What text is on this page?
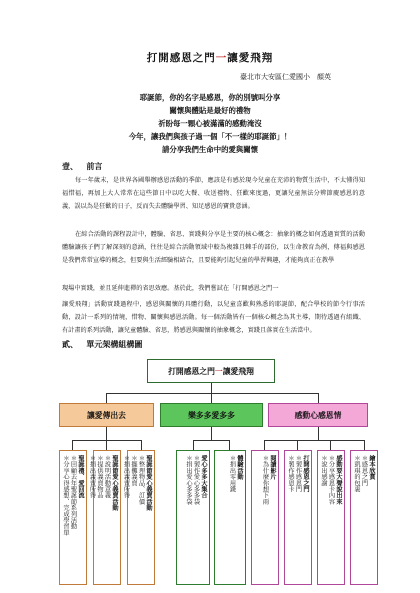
打開感恩之門一讓愛飛翔
臺北市大安區仁愛國小　顏英
耶誕節，你的名字是感恩，你的別號叫分享
關懷與體貼是最好的禮物
祈盼每一顆心被滿滿的感動淹沒
今年，讓我們與孩子過一個「不一樣的耶誕節」！
請分享我們生命中的愛與關懷
壹、 前言
每一年歲末，是世界各國舉辦感恩活動的季節，應該是有感於現今兒童在充沛的物質生活中，不太懂得知福惜福，再加上大人常常在這些節日中以吃大餐、收送禮物、狂歡來度過，更讓兒童無法分辨節慶感恩的意義，誤以為是狂歡的日子，反而失去體驗學習、知足感恩的寶貴意涵。
在綜合活動的課程設計中，體驗、省思、實踐與分享是主要的核心概念：抽象的概念如何透過實質的活動體驗讓孩子們了解深刻的意涵，往往是綜合活動領域中較為複雜且棘手的部份，以生命教育為例，傳福與感恩是我們常常宣導的概念，但要與生活經驗相結合，且要能夠引起兒童的學習興趣，才能夠真正在教學
現場中實踐，並且延伸進禪的省思效應。基於此，我們嘗試在「打開感恩之門一
讓愛飛翔」活動實踐過程中，感恩與關懷的具體行動，以兒童喜歡與熟悉的耶誕節，配合學校的節令行事活動，設計一系列的情境，惜物、關懷與感恩活動。每一個活動皆有一個核心概念為其主導，期待透過有組織、有計畫的系列活動，讓兒童體驗、省思，將感恩與關懷的抽象概念，實踐且落實在生活當中。
貳、 單元架構組構圖
打開感恩之門 一 讓愛飛翔
讓愛傳出去	樂多多愛多多	感動心感恩情
聖誕禮、愛回流
＊回顧去年聖誕節系列活動
＊分享心得感想、完成學習單	聖誕節愛心義賣活動
＊說明活動意義
＊提供義賣物品
＊捐出義賣所得	聖誕節愛心義賣活動
＊整理物品、訂價
＊擺攤義賣
＊捐出義賣所得	愛心多多大集合
＊製作愛心多多袋
＊捐出愛心多多袋	體驗活動
＊捐出零用錢	閱讀影片
＊為什麼你想下雨	打開感恩之門
＊製作感恩門
＊製作感恩卡	感動要大聲說出來
＊分享感恩卡內容
＊說出感謝	繪本欣賞
＊感恩之門
＊凱琪的包裹
